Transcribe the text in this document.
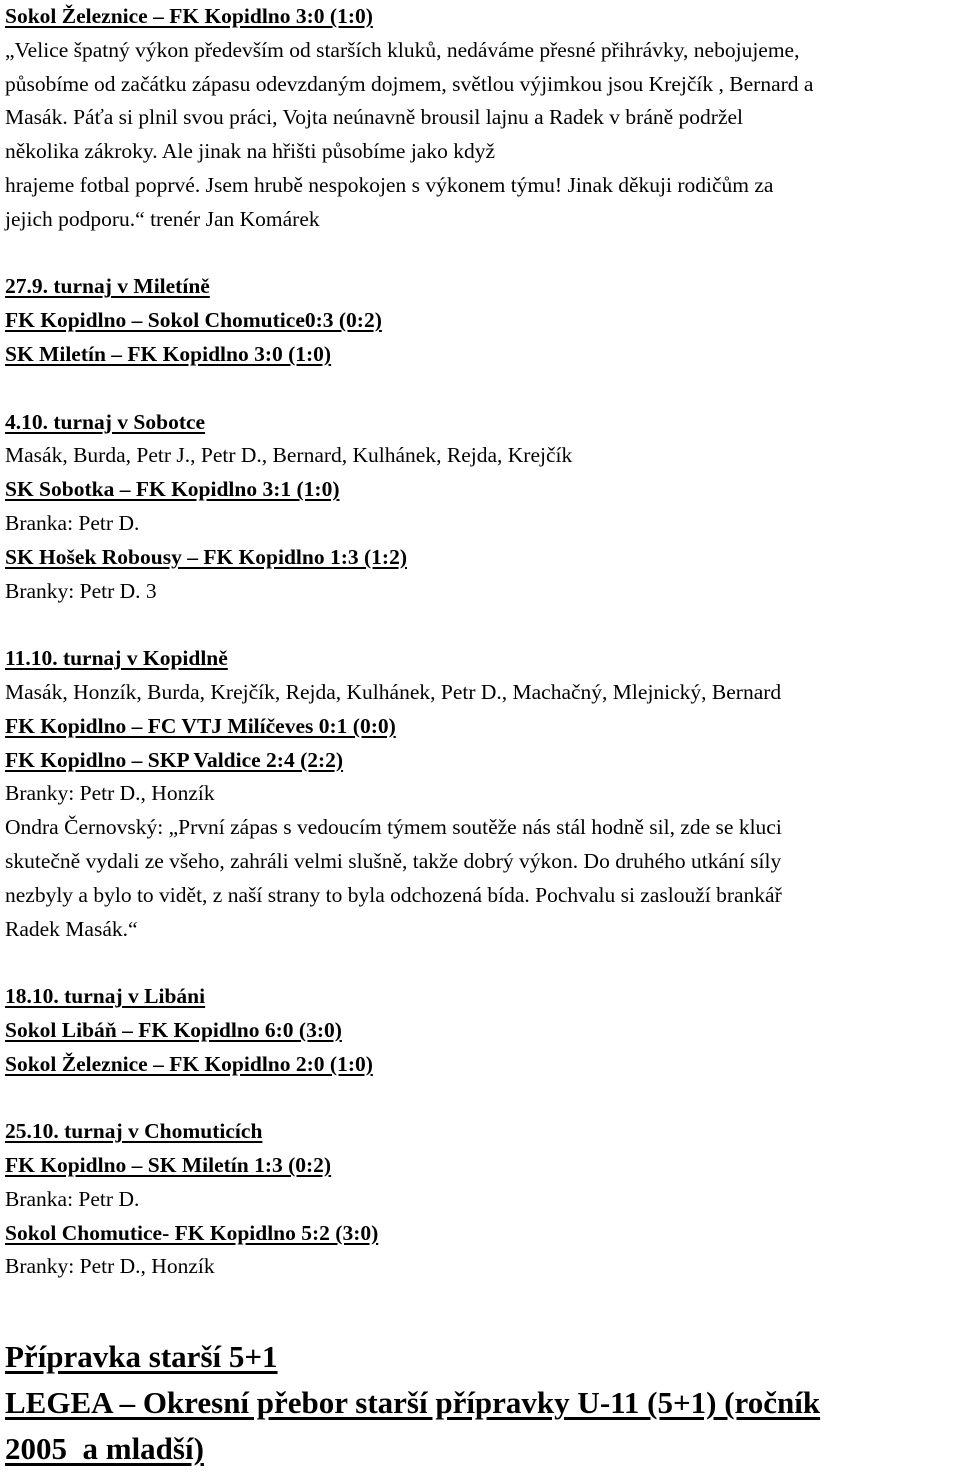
Sokol Železnice – FK Kopidlno 3:0 (1:0)
„Velice špatný výkon především od starších kluků, nedáváme přesné přihrávky, nebojujeme,
působíme od začátku zápasu odevzdaným dojmem, světlou výjimkou jsou Krejčík , Bernard a
Masák. Páťa si plnil svou práci, Vojta neúnavně brousil lajnu a Radek v bráně podržel
několika zákroky. Ale jinak na hřišti působíme jako když
hrajeme fotbal poprvé. Jsem hrubě nespokojen s výkonem týmu! Jinak děkuji rodičům za
jejich podporu.“ trenér Jan Komárek
27.9. turnaj v Miletíně
FK Kopidlno – Sokol Chomutice0:3 (0:2)
SK Miletín – FK Kopidlno 3:0 (1:0)
4.10. turnaj v Sobotce
Masák, Burda, Petr J., Petr D., Bernard, Kulhánek, Rejda, Krejčík
SK Sobotka – FK Kopidlno 3:1 (1:0)
Branka: Petr D.
SK Hošek Robousy – FK Kopidlno 1:3 (1:2)
Branky: Petr D. 3
11.10. turnaj v Kopidlně
Masák, Honzík, Burda, Krejčík, Rejda, Kulhánek, Petr D., Machačný, Mlejnický, Bernard
FK Kopidlno – FC VTJ Milíčeves 0:1 (0:0)
FK Kopidlno – SKP Valdice 2:4 (2:2)
Branky: Petr D., Honzík
Ondra Černovský: „První zápas s vedoucím týmem soutěže nás stál hodně sil, zde se kluci
skutečně vydali ze všeho, zahráli velmi slušně, takže dobrý výkon. Do druhého utkání síly
nezbyly a bylo to vidět, z naší strany to byla odchozená bída. Pochvalu si zaslouží brankář
Radek Masák.“
18.10. turnaj v Libáni
Sokol Libáň – FK Kopidlno 6:0 (3:0)
Sokol Železnice – FK Kopidlno 2:0 (1:0)
25.10. turnaj v Chomuticích
FK Kopidlno – SK Miletín 1:3 (0:2)
Branka: Petr D.
Sokol Chomutice- FK Kopidlno 5:2 (3:0)
Branky: Petr D., Honzík
Přípravka starší 5+1
LEGEA – Okresní přebor starší přípravky U-11 (5+1) (ročník
2005  a mladší)
